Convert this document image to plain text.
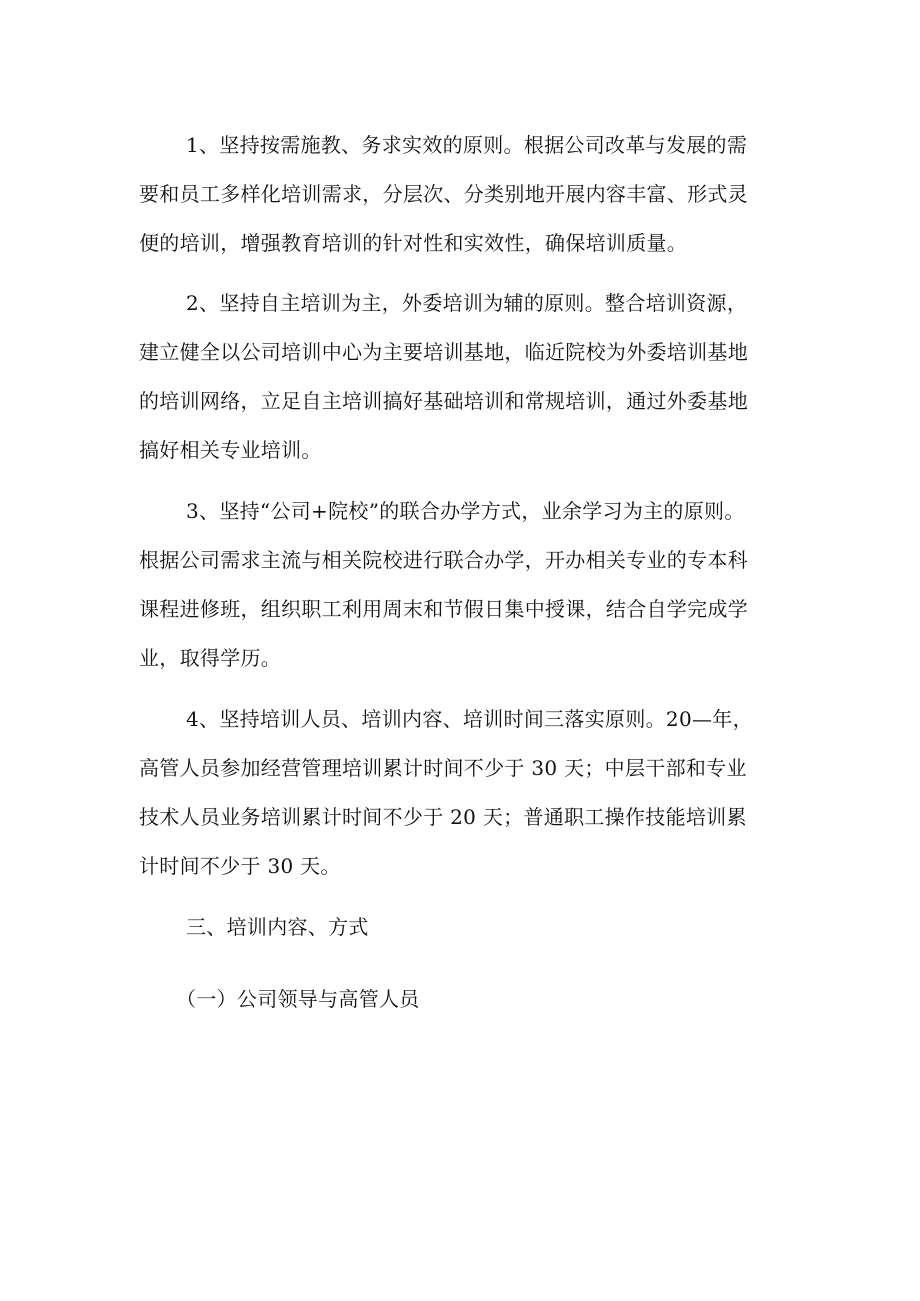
1、坚持按需施教、务求实效的原则。根据公司改革与发展的需
要和员工多样化培训需求，分层次、分类别地开展内容丰富、形式灵
便的培训，增强教育培训的针对性和实效性，确保培训质量。
2、坚持自主培训为主，外委培训为辅的原则。整合培训资源，
建立健全以公司培训中心为主要培训基地，临近院校为外委培训基地
的培训网络，立足自主培训搞好基础培训和常规培训，通过外委基地
搞好相关专业培训。
3、坚持“公司+院校”的联合办学方式，业余学习为主的原则。
根据公司需求主流与相关院校进行联合办学，开办相关专业的专本科
课程进修班，组织职工利用周末和节假日集中授课，结合自学完成学
业，取得学历。
4、坚持培训人员、培训内容、培训时间三落实原则。20—年，
高管人员参加经营管理培训累计时间不少于 30 天；中层干部和专业
技术人员业务培训累计时间不少于 20 天；普通职工操作技能培训累
计时间不少于 30 天。
三、培训内容、方式
（一）公司领导与高管人员
